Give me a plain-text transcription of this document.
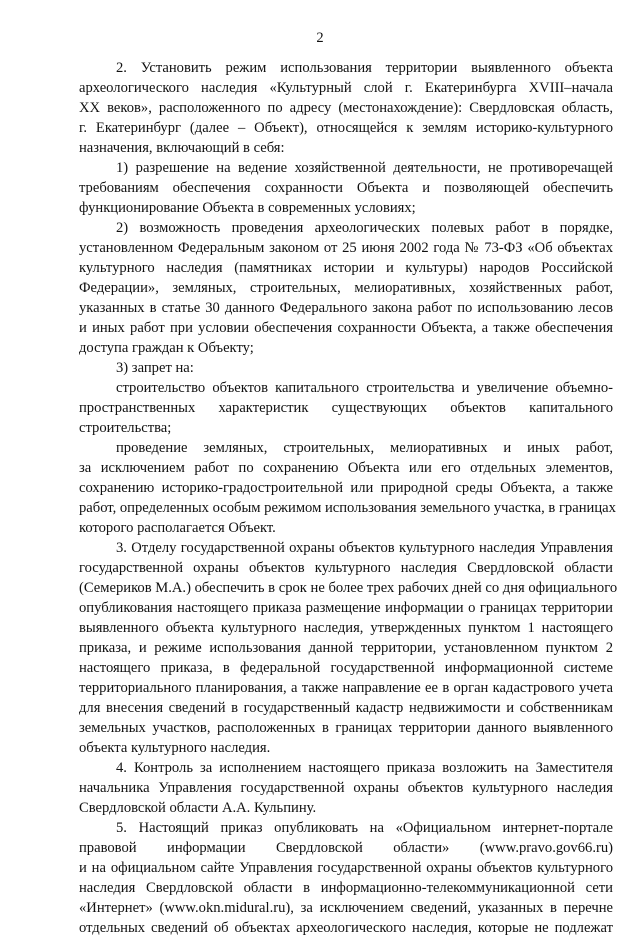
2
2. Установить режим использования территории выявленного объекта
археологического наследия «Культурный слой г. Екатеринбурга XVIII–начала
XX веков», расположенного по адресу (местонахождение): Свердловская область,
г. Екатеринбург (далее – Объект), относящейся к землям историко-культурного
назначения, включающий в себя:
1) разрешение на ведение хозяйственной деятельности, не противоречащей
требованиям обеспечения сохранности Объекта и позволяющей обеспечить
функционирование Объекта в современных условиях;
2) возможность проведения археологических полевых работ в порядке,
установленном Федеральным законом от 25 июня 2002 года № 73-ФЗ «Об объектах
культурного наследия (памятниках истории и культуры) народов Российской
Федерации», земляных, строительных, мелиоративных, хозяйственных работ,
указанных в статье 30 данного Федерального закона работ по использованию лесов
и иных работ при условии обеспечения сохранности Объекта, а также обеспечения
доступа граждан к Объекту;
3) запрет на:
строительство объектов капитального строительства и увеличение объемно-
пространственных характеристик существующих объектов капитального
строительства;
проведение земляных, строительных, мелиоративных и иных работ,
за исключением работ по сохранению Объекта или его отдельных элементов,
сохранению историко-градостроительной или природной среды Объекта, а также
работ, определенных особым режимом использования земельного участка, в границах
которого располагается Объект.
3. Отделу государственной охраны объектов культурного наследия Управления
государственной охраны объектов культурного наследия Свердловской области
(Семериков М.А.) обеспечить в срок не более трех рабочих дней со дня официального
опубликования настоящего приказа размещение информации о границах территории
выявленного объекта культурного наследия, утвержденных пунктом 1 настоящего
приказа, и режиме использования данной территории, установленном пунктом 2
настоящего приказа, в федеральной государственной информационной системе
территориального планирования, а также направление ее в орган кадастрового учета
для внесения сведений в государственный кадастр недвижимости и собственникам
земельных участков, расположенных в границах территории данного выявленного
объекта культурного наследия.
4. Контроль за исполнением настоящего приказа возложить на Заместителя
начальника Управления государственной охраны объектов культурного наследия
Свердловской области А.А. Кульпину.
5. Настоящий приказ опубликовать на «Официальном интернет-портале
правовой информации Свердловской области» (www.pravo.gov66.ru)
и на официальном сайте Управления государственной охраны объектов культурного
наследия Свердловской области в информационно-телекоммуникационной сети
«Интернет» (www.okn.midural.ru), за исключением сведений, указанных в перечне
отдельных сведений об объектах археологического наследия, которые не подлежат
